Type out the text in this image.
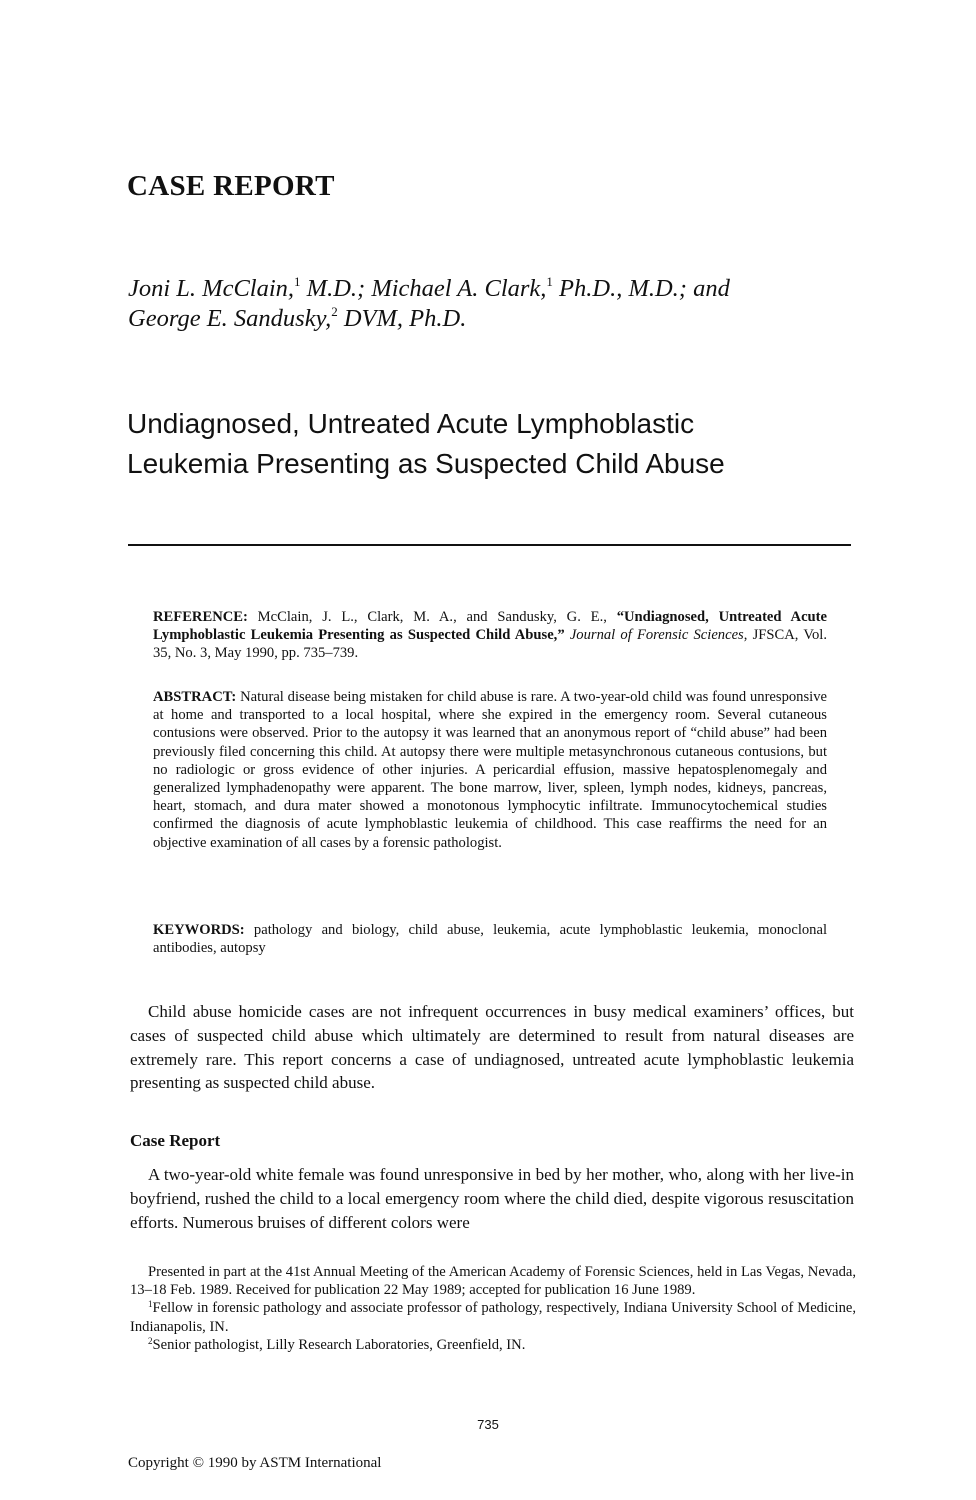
CASE REPORT
Joni L. McClain,$^1$ M.D.; Michael A. Clark,$^1$ Ph.D., M.D.; and
George E. Sandusky,$^2$ DVM, Ph.D.
Undiagnosed, Untreated Acute Lymphoblastic
Leukemia Presenting as Suspected Child Abuse
REFERENCE: McClain, J. L., Clark, M. A., and Sandusky, G. E., “Undiagnosed, Untreated Acute Lymphoblastic Leukemia Presenting as Suspected Child Abuse,” Journal of Forensic Sciences, JFSCA, Vol. 35, No. 3, May 1990, pp. 735–739.
ABSTRACT: Natural disease being mistaken for child abuse is rare. A two-year-old child was found unresponsive at home and transported to a local hospital, where she expired in the emergency room. Several cutaneous contusions were observed. Prior to the autopsy it was learned that an anonymous report of “child abuse” had been previously filed concerning this child. At autopsy there were multiple metasynchronous cutaneous contusions, but no radiologic or gross evidence of other injuries. A pericardial effusion, massive hepatosplenomegaly and generalized lymphadenopathy were apparent. The bone marrow, liver, spleen, lymph nodes, kidneys, pancreas, heart, stomach, and dura mater showed a monotonous lymphocytic infiltrate. Immunocytochemical studies confirmed the diagnosis of acute lymphoblastic leukemia of childhood. This case reaffirms the need for an objective examination of all cases by a forensic pathologist.
KEYWORDS: pathology and biology, child abuse, leukemia, acute lymphoblastic leukemia, monoclonal antibodies, autopsy
Child abuse homicide cases are not infrequent occurrences in busy medical examiners’ offices, but cases of suspected child abuse which ultimately are determined to result from natural diseases are extremely rare. This report concerns a case of undiagnosed, untreated acute lymphoblastic leukemia presenting as suspected child abuse.
Case Report
A two-year-old white female was found unresponsive in bed by her mother, who, along with her live-in boyfriend, rushed the child to a local emergency room where the child died, despite vigorous resuscitation efforts. Numerous bruises of different colors were

Presented in part at the 41st Annual Meeting of the American Academy of Forensic Sciences, held in Las Vegas, Nevada, 13–18 Feb. 1989. Received for publication 22 May 1989; accepted for publication 16 June 1989.

$^1$Fellow in forensic pathology and associate professor of pathology, respectively, Indiana University School of Medicine, Indianapolis, IN.

$^2$Senior pathologist, Lilly Research Laboratories, Greenfield, IN.

735
Copyright © 1990 by ASTM International
